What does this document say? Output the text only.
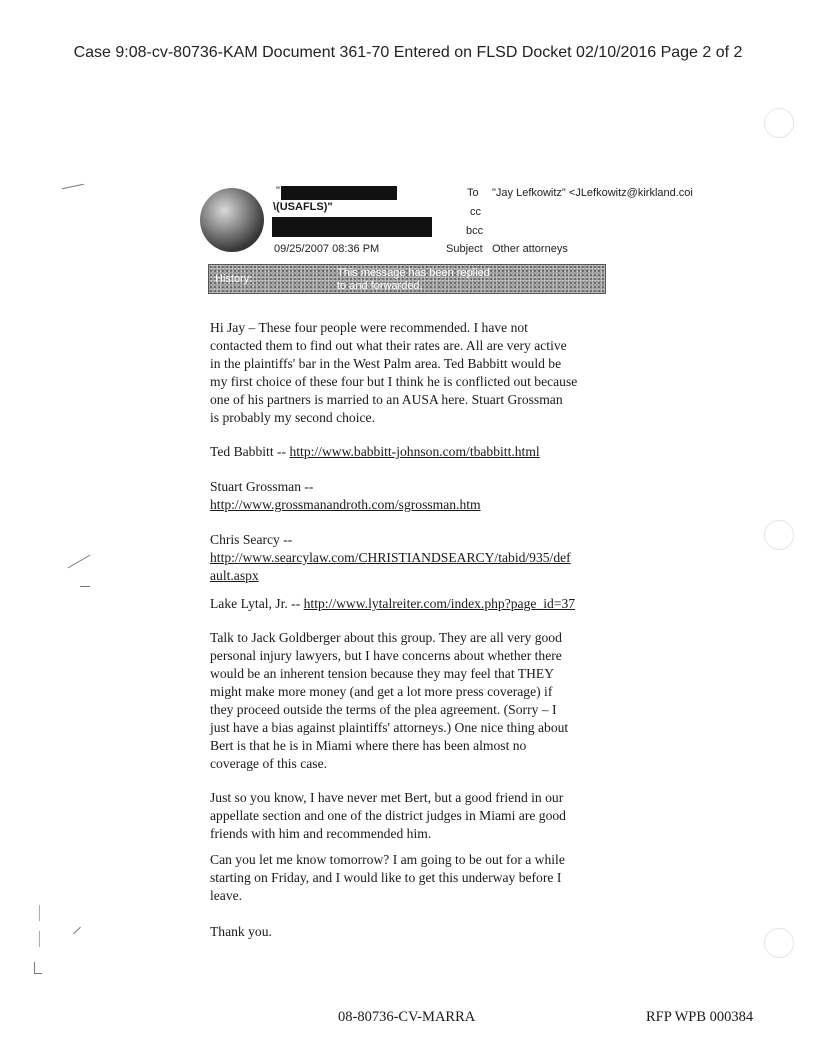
Case 9:08-cv-80736-KAM Document 361-70 Entered on FLSD Docket 02/10/2016 Page 2 of 2
"
\(USAFLS)"
09/25/2007 08:36 PM
To "Jay Lefkowitz" <JLefkowitz@kirkland.coi
cc
bcc
Subject Other attorneys
History:	This message has been replied
to and forwarded.
Hi Jay – These four people were recommended. I have not
contacted them to find out what their rates are. All are very active
in the plaintiffs' bar in the West Palm area. Ted Babbitt would be
my first choice of these four but I think he is conflicted out because
one of his partners is married to an AUSA here. Stuart Grossman
is probably my second choice.
Ted Babbitt -- http://www.babbitt-johnson.com/tbabbitt.html
Stuart Grossman --
http://www.grossmanandroth.com/sgrossman.htm
Chris Searcy --
http://www.searcylaw.com/CHRISTIANDSEARCY/tabid/935/def
ault.aspx
Lake Lytal, Jr. -- http://www.lytalreiter.com/index.php?page_id=37
Talk to Jack Goldberger about this group. They are all very good
personal injury lawyers, but I have concerns about whether there
would be an inherent tension because they may feel that THEY
might make more money (and get a lot more press coverage) if
they proceed outside the terms of the plea agreement. (Sorry – I
just have a bias against plaintiffs' attorneys.) One nice thing about
Bert is that he is in Miami where there has been almost no
coverage of this case.
Just so you know, I have never met Bert, but a good friend in our
appellate section and one of the district judges in Miami are good
friends with him and recommended him.
Can you let me know tomorrow? I am going to be out for a while
starting on Friday, and I would like to get this underway before I
leave.
Thank you.
08-80736-CV-MARRA	RFP WPB 000384
